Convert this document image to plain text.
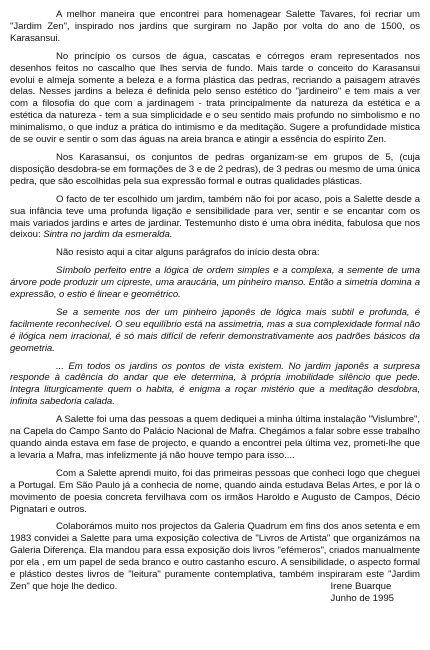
A melhor maneira que encontrei para homenagear Salette Tavares, foi recriar um "Jardim Zen", inspirado nos jardins que surgiram no Japão por volta do ano de 1500, os Karasansui.

No princípio os cursos de água, cascatas e córregos eram representados nos desenhos feitos no cascalho que lhes servia de fundo. Mais tarde o conceito do Karasansui evolui e almeja somente a beleza e a forma plástica das pedras, recriando a paisagem através delas. Nesses jardins a beleza é definida pelo senso estético do "jardineiro" e tem mais a ver com a filosofia do que com a jardinagem - trata principalmente da natureza da estética e a estética da natureza - tem a sua simplicidade e o seu sentido mais profundo no simbolismo e no minimalismo, o que induz a prática do intimismo e da meditação. Sugere a profundidade mística de se ouvir e sentir o som das águas na areia branca e atingir a essência do espírito Zen.

Nos Karasansui, os conjuntos de pedras organizam-se em grupos de 5, (cuja disposição desdobra-se em formações de 3 e de 2 pedras), de 3 pedras ou mesmo de uma única pedra, que são escolhidas pela sua expressão formal e outras qualidades plásticas.

O facto de ter escolhido um jardim, também não foi por acaso, pois a Salette desde a sua infância teve uma profunda ligação e sensibilidade para ver, sentir e se encantar com os mais variados jardins e artes de jardinar. Testemunho disto é uma obra inédita, fabulosa que nos deixou: Sintra no jardim da esmeralda.

Não resisto aqui a citar alguns parágrafos do início desta obra:

Símbolo perfeito entre a lógica de ordem simples e a complexa, a semente de uma árvore pode produzir um cipreste, uma araucária, um pinheiro manso. Então a simetria domina a expressão, o estio é linear e geométrico.

Se a semente nos der um pinheiro japonês de lógica mais subtil e profunda, é facilmente reconhecível. O seu equilíbrio está na assimetria, mas a sua complexidade formal não é ilógica nem irracional, é só mais difícil de referir demonstrativamente aos padrões básicos da geometria.

... Em todos os jardins os pontos de vista existem. No jardim japonês a surpresa responde à cadência do andar que ele determina, à própria imobilidade silêncio que pede. Integra liturgicamente quem o habita, é enigma a roçar mistério que a meditação desdobra, infinita sabedoria calada.

A Salette foi uma das pessoas a quem dediquei a minha última instalação "Vislumbre", na Capela do Campo Santo do Palácio Nacional de Mafra. Chegámos a falar sobre esse trabalho quando ainda estava em fase de projecto, e quando a encontrei pela última vez, prometi-lhe que a levaria a Mafra, mas infelizmente já não houve tempo para isso....

Com a Salette aprendi muito, foi das primeiras pessoas que conheci logo que cheguei a Portugal. Em São Paulo já a conhecia de nome, quando ainda estudava Belas Artes, e por lá o movimento de poesia concreta fervilhava com os irmãos Haroldo e Augusto de Campos, Décio Pignatari e outros.

Colaborámos muito nos projectos da Galeria Quadrum em fins dos anos setenta e em 1983 convidei a Salette para uma exposição colectiva de "Livros de Artista" que organizámos na Galeria Diferença. Ela mandou para essa exposição dois livros "efémeros", criados manualmente por ela , em um papel de seda branco e outro castanho escuro. A sensibilidade, o aspecto formal e plástico destes livros de "leitura" puramente contemplativa, também inspiraram este "Jardim Zen" que hoje lhe dedico.	Irene Buarque
Junho de 1995
